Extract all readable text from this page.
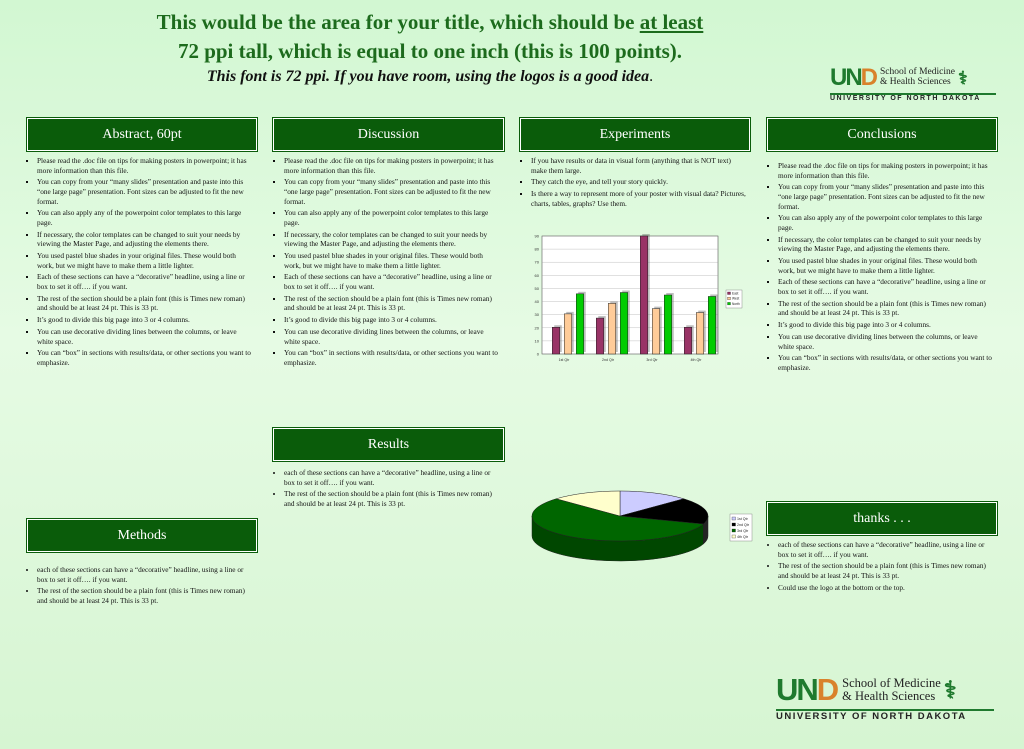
This would be the area for your title, which should be at least
72 ppi tall, which is equal to one inch (this is 100 points).
This font is 72 ppi. If you have room, using the logos is a good idea.	UND School of Medicine
& Health Sciences ⚕
UNIVERSITY OF NORTH DAKOTA
Abstract, 60pt	Discussion	Experiments	Conclusions
Results
Methods
thanks . . .
▪ Please read the .doc file on tips for making posters in powerpoint; it has more information than this file.
▪ You can copy from your “many slides” presentation and paste into this “one large page” presentation. Font sizes can be adjusted to fit the new format.
▪ You can also apply any of the powerpoint color templates to this large page.
▪ If necessary, the color templates can be changed to suit your needs by viewing the Master Page, and adjusting the elements there.
▪ You used pastel blue shades in your original files. These would both work, but we might have to make them a little lighter.
▪ Each of these sections can have a “decorative” headline, using a line or box to set it off…. if you want.
▪ The rest of the section should be a plain font (this is Times new roman) and should be at least 24 pt. This is 33 pt.
▪ It’s good to divide this big page into 3 or 4 columns.
▪ You can use decorative dividing lines between the columns, or leave white space.
▪ You can “box” in sections with results/data, or other sections you want to emphasize.
▪ Please read the .doc file on tips for making posters in powerpoint; it has more information than this file.
▪ You can copy from your “many slides” presentation and paste into this “one large page” presentation. Font sizes can be adjusted to fit the new format.
▪ You can also apply any of the powerpoint color templates to this large page.
▪ If necessary, the color templates can be changed to suit your needs by viewing the Master Page, and adjusting the elements there.
▪ You used pastel blue shades in your original files. These would both work, but we might have to make them a little lighter.
▪ Each of these sections can have a “decorative” headline, using a line or box to set it off…. if you want.
▪ The rest of the section should be a plain font (this is Times new roman) and should be at least 24 pt. This is 33 pt.
▪ It’s good to divide this big page into 3 or 4 columns.
▪ You can use decorative dividing lines between the columns, or leave white space.
▪ You can “box” in sections with results/data, or other sections you want to emphasize.
▪ If you have results or data in visual form (anything that is NOT text) make them large.
▪ They catch the eye, and tell your story quickly.
▪ Is there a way to represent more of your poster with visual data? Pictures, charts, tables, graphs? Use them.
0
10
20
30
40
50
60
70
80
90
1st Qtr	2nd Qtr	3rd Qtr	4th Qtr
East
West
North
▪ Please read the .doc file on tips for making posters in powerpoint; it has more information than this file.
▪ You can copy from your “many slides” presentation and paste into this “one large page” presentation. Font sizes can be adjusted to fit the new format.
▪ You can also apply any of the powerpoint color templates to this large page.
▪ If necessary, the color templates can be changed to suit your needs by viewing the Master Page, and adjusting the elements there.
▪ You used pastel blue shades in your original files. These would both work, but we might have to make them a little lighter.
▪ Each of these sections can have a “decorative” headline, using a line or box to set it off…. if you want.
▪ The rest of the section should be a plain font (this is Times new roman) and should be at least 24 pt. This is 33 pt.
▪ It’s good to divide this big page into 3 or 4 columns.
▪ You can use decorative dividing lines between the columns, or leave white space.
▪ You can “box” in sections with results/data, or other sections you want to emphasize.
• each of these sections can have a “decorative” headline, using a line or box to set it off…. if you want.
• The rest of the section should be a plain font (this is Times new roman) and should be at least 24 pt. This is 33 pt.
1st Qtr
2nd Qtr
3rd Qtr
4th Qtr
• each of these sections can have a “decorative” headline, using a line or box to set it off…. if you want.
• The rest of the section should be a plain font (this is Times new roman) and should be at least 24 pt. This is 33 pt.
• each of these sections can have a “decorative” headline, using a line or box to set it off…. if you want.
• The rest of the section should be a plain font (this is Times new roman) and should be at least 24 pt. This is 33 pt.
• Could use the logo at the bottom or the top.
UND School of Medicine
& Health Sciences ⚕
UNIVERSITY OF NORTH DAKOTA
